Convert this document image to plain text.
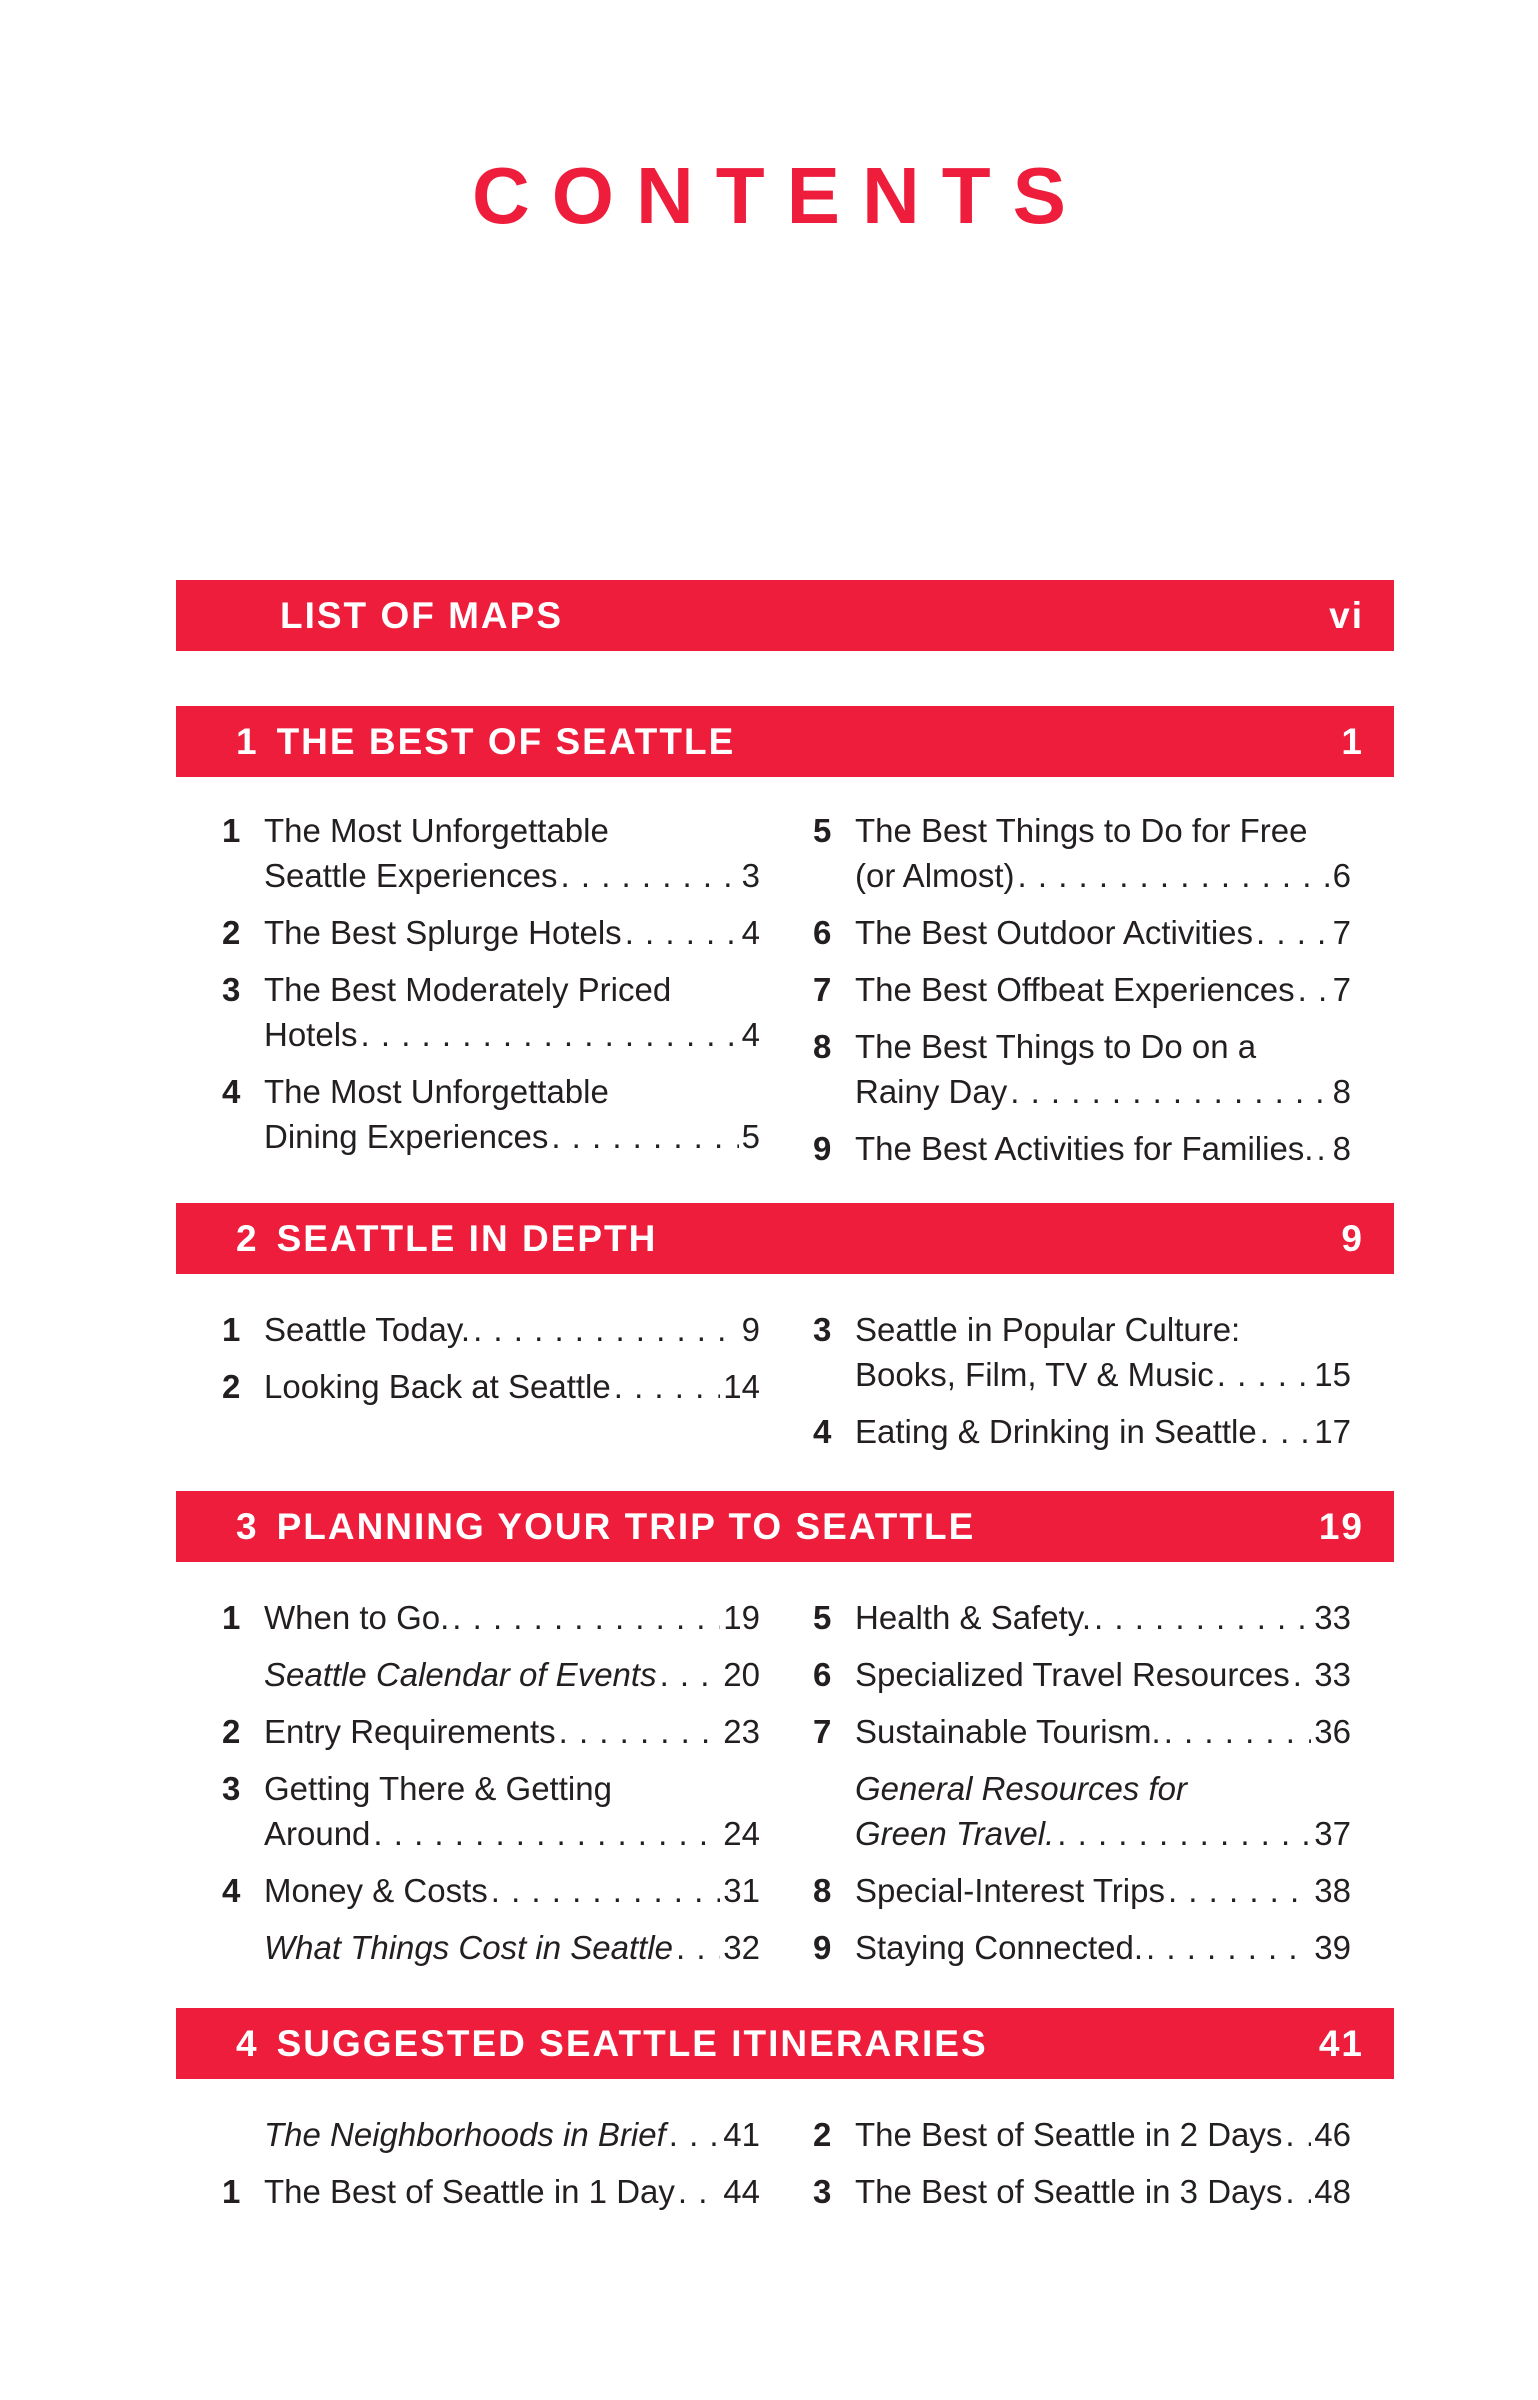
CONTENTS
LIST OF MAPS	vi
1 THE BEST OF SEATTLE	1
1 The Most Unforgettable
Seattle Experiences . . .	3
2 The Best Splurge Hotels . . .	4
3 The Best Moderately Priced
Hotels . . .	4
4 The Most Unforgettable
Dining Experiences . . .	5
5 The Best Things to Do for Free
(or Almost) . . .	6
6 The Best Outdoor Activities . . . 7
7 The Best Offbeat Experiences . . . 7
8 The Best Things to Do on a
Rainy Day . . .	8
9 The Best Activities for Families. . . . 8
2 SEATTLE IN DEPTH	9
1 Seattle Today. . . .	9
2 Looking Back at Seattle . . .	14
3 Seattle in Popular Culture:
Books, Film, TV & Music . . .	15
4 Eating & Drinking in Seattle . . . 17
3 PLANNING YOUR TRIP TO SEATTLE	19
1 When to Go. . . .	19
Seattle Calendar of Events . . . 20
2 Entry Requirements . . .	23
3 Getting There & Getting
Around . . .	24
4 Money & Costs . . .	31
What Things Cost in Seattle . . . 32
5 Health & Safety. . . .	33
6 Specialized Travel Resources . . . 33
7 Sustainable Tourism. . . .	36
General Resources for
Green Travel. . . .	37
8 Special-Interest Trips . . .	38
9 Staying Connected. . . .	39
4 SUGGESTED SEATTLE ITINERARIES	41
The Neighborhoods in Brief . . . 41
1 The Best of Seattle in 1 Day . . . 44
2 The Best of Seattle in 2 Days . . . 46
3 The Best of Seattle in 3 Days . . . 48
